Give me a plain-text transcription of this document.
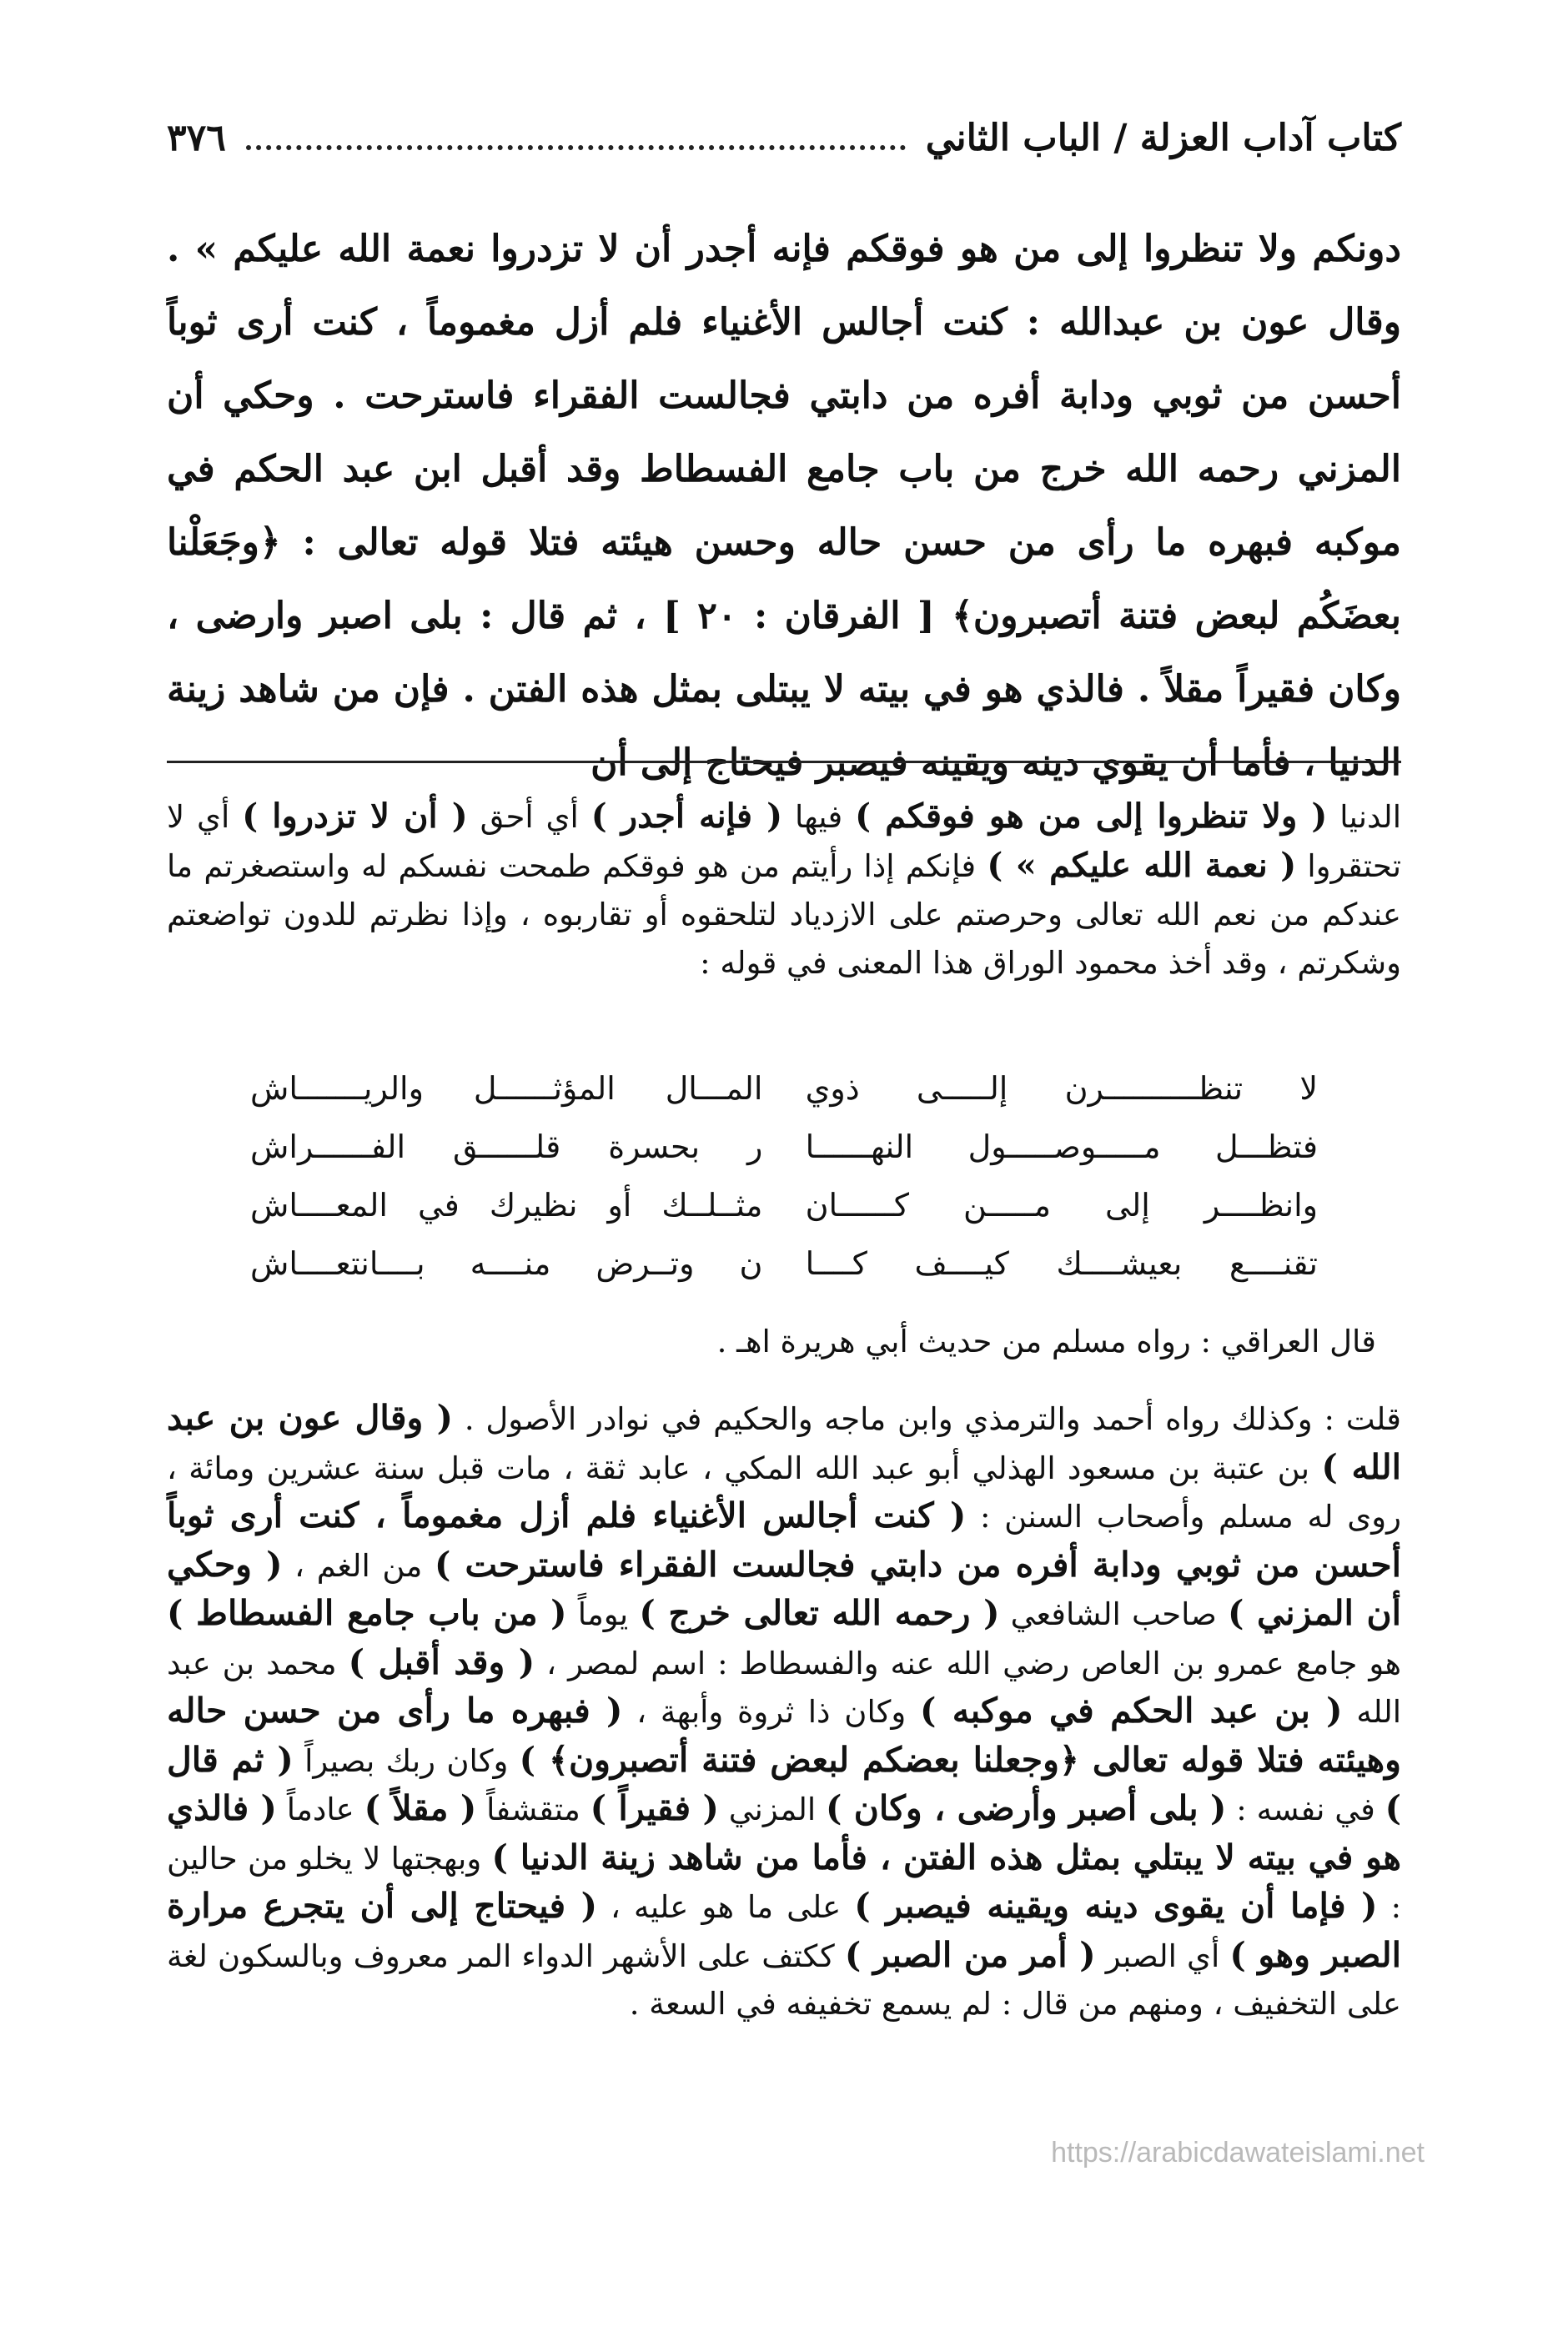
كتاب آداب العزلة / الباب الثاني
٣٧٦

دونكم ولا تنظروا إلى من هو فوقكم فإنه أجدر أن لا تزدروا نعمة الله عليكم » . وقال عون بن عبدالله : كنت أجالس الأغنياء فلم أزل مغموماً ، كنت أرى ثوباً أحسن من ثوبي ودابة أفره من دابتي فجالست الفقراء فاسترحت . وحكي أن المزني رحمه الله خرج من باب جامع الفسطاط وقد أقبل ابن عبد الحكم في موكبه فبهره ما رأى من حسن حاله وحسن هيئته فتلا قوله تعالى : ﴿وجَعَلْنا بعضَكُم لبعض فتنة أتصبرون﴾ [ الفرقان : ٢٠ ] ، ثم قال : بلى اصبر وارضى ، وكان فقيراً مقلاً . فالذي هو في بيته لا يبتلى بمثل هذه الفتن . فإن من شاهد زينة الدنيا ، فأما أن يقوي دينه ويقينه فيصبر فيحتاج إلى أن

الدنيا ( ولا تنظروا إلى من هو فوقكم ) فيها ( فإنه أجدر ) أي أحق ( أن لا تزدروا ) أي لا تحتقروا ( نعمة الله عليكم » ) فإنكم إذا رأيتم من هو فوقكم طمحت نفسكم له واستصغرتم ما عندكم من نعم الله تعالى وحرصتم على الازدياد لتلحقوه أو تقاربوه ، وإذا نظرتم للدون تواضعتم وشكرتم ، وقد أخذ محمود الوراق هذا المعنى في قوله :

لا تنظــــــــــرن إلـــــى ذوي
المـــال المؤثــــــل والريـــــــاش
فتظـــل مـــــوصـــــول النهــــــا
ر بحسرة قلــــــق الفــــــراش
وانظــــر إلى مـــــن كــــــان
مثــلــك أو نظيرك في المعــــاش
تقنــــع بعيشــــك كيــــف كــــا
ن وتــرض منــــه بــــانتعــــاش
قال العراقي : رواه مسلم من حديث أبي هريرة اهـ .

قلت : وكذلك رواه أحمد والترمذي وابن ماجه والحكيم في نوادر الأصول . ( وقال عون بن عبد الله ) بن عتبة بن مسعود الهذلي أبو عبد الله المكي ، عابد ثقة ، مات قبل سنة عشرين ومائة ، روى له مسلم وأصحاب السنن : ( كنت أجالس الأغنياء فلم أزل مغموماً ، كنت أرى ثوباً أحسن من ثوبي ودابة أفره من دابتي فجالست الفقراء فاسترحت ) من الغم ، ( وحكي أن المزني ) صاحب الشافعي ( رحمه الله تعالى خرج ) يوماً ( من باب جامع الفسطاط ) هو جامع عمرو بن العاص رضي الله عنه والفسطاط : اسم لمصر ، ( وقد أقبل ) محمد بن عبد الله ( بن عبد الحكم في موكبه ) وكان ذا ثروة وأبهة ، ( فبهره ما رأى من حسن حاله وهيئته فتلا قوله تعالى ﴿وجعلنا بعضكم لبعض فتنة أتصبرون﴾ ) وكان ربك بصيراً ( ثم قال ) في نفسه : ( بلى أصبر وأرضى ، وكان ) المزني ( فقيراً ) متقشفاً ( مقلاً ) عادماً ( فالذي هو في بيته لا يبتلي بمثل هذه الفتن ، فأما من شاهد زينة الدنيا ) وبهجتها لا يخلو من حالين : ( فإما أن يقوى دينه ويقينه فيصبر ) على ما هو عليه ، ( فيحتاج إلى أن يتجرع مرارة الصبر وهو ) أي الصبر ( أمر من الصبر ) ككتف على الأشهر الدواء المر معروف وبالسكون لغة على التخفيف ، ومنهم من قال : لم يسمع تخفيفه في السعة .

https://arabicdawateislami.net
